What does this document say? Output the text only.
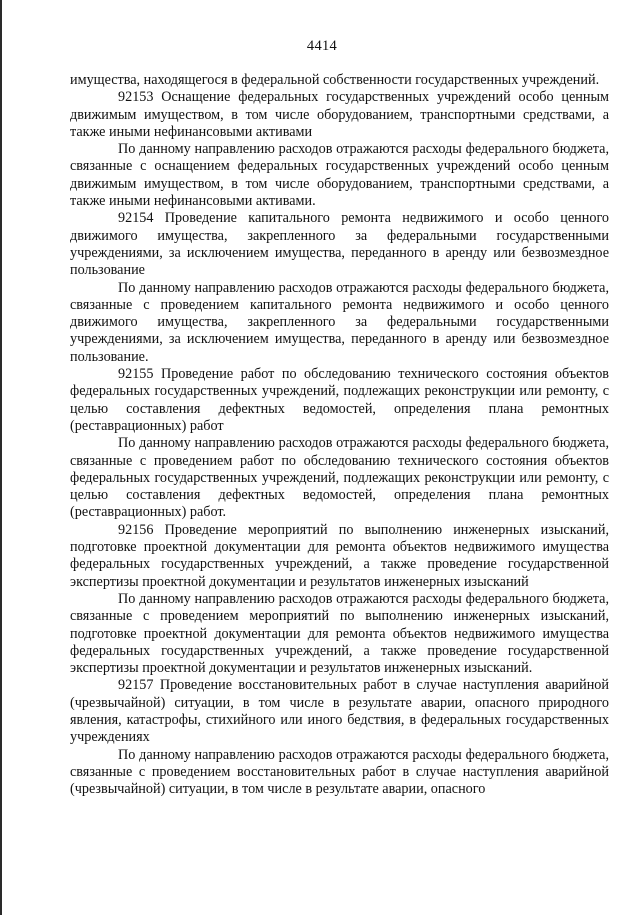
4414

имущества, находящегося в федеральной собственности государственных учреждений.

92153 Оснащение федеральных государственных учреждений особо ценным движимым имуществом, в том числе оборудованием, транспортными средствами, а также иными нефинансовыми активами

По данному направлению расходов отражаются расходы федерального бюджета, связанные с оснащением федеральных государственных учреждений особо ценным движимым имуществом, в том числе оборудованием, транспортными средствами, а также иными нефинансовыми активами.

92154 Проведение капитального ремонта недвижимого и особо ценного движимого имущества, закрепленного за федеральными государственными учреждениями, за исключением имущества, переданного в аренду или безвозмездное пользование

По данному направлению расходов отражаются расходы федерального бюджета, связанные с проведением капитального ремонта недвижимого и особо ценного движимого имущества, закрепленного за федеральными государственными учреждениями, за исключением имущества, переданного в аренду или безвозмездное пользование.

92155 Проведение работ по обследованию технического состояния объектов федеральных государственных учреждений, подлежащих реконструкции или ремонту, с целью составления дефектных ведомостей, определения плана ремонтных (реставрационных) работ

По данному направлению расходов отражаются расходы федерального бюджета, связанные с проведением работ по обследованию технического состояния объектов федеральных государственных учреждений, подлежащих реконструкции или ремонту, с целью составления дефектных ведомостей, определения плана ремонтных (реставрационных) работ.

92156 Проведение мероприятий по выполнению инженерных изысканий, подготовке проектной документации для ремонта объектов недвижимого имущества федеральных государственных учреждений, а также проведение государственной экспертизы проектной документации и результатов инженерных изысканий

По данному направлению расходов отражаются расходы федерального бюджета, связанные с проведением мероприятий по выполнению инженерных изысканий, подготовке проектной документации для ремонта объектов недвижимого имущества федеральных государственных учреждений, а также проведение государственной экспертизы проектной документации и результатов инженерных изысканий.

92157 Проведение восстановительных работ в случае наступления аварийной (чрезвычайной) ситуации, в том числе в результате аварии, опасного природного явления, катастрофы, стихийного или иного бедствия, в федеральных государственных учреждениях

По данному направлению расходов отражаются расходы федерального бюджета, связанные с проведением восстановительных работ в случае наступления аварийной (чрезвычайной) ситуации, в том числе в результате аварии, опасного
